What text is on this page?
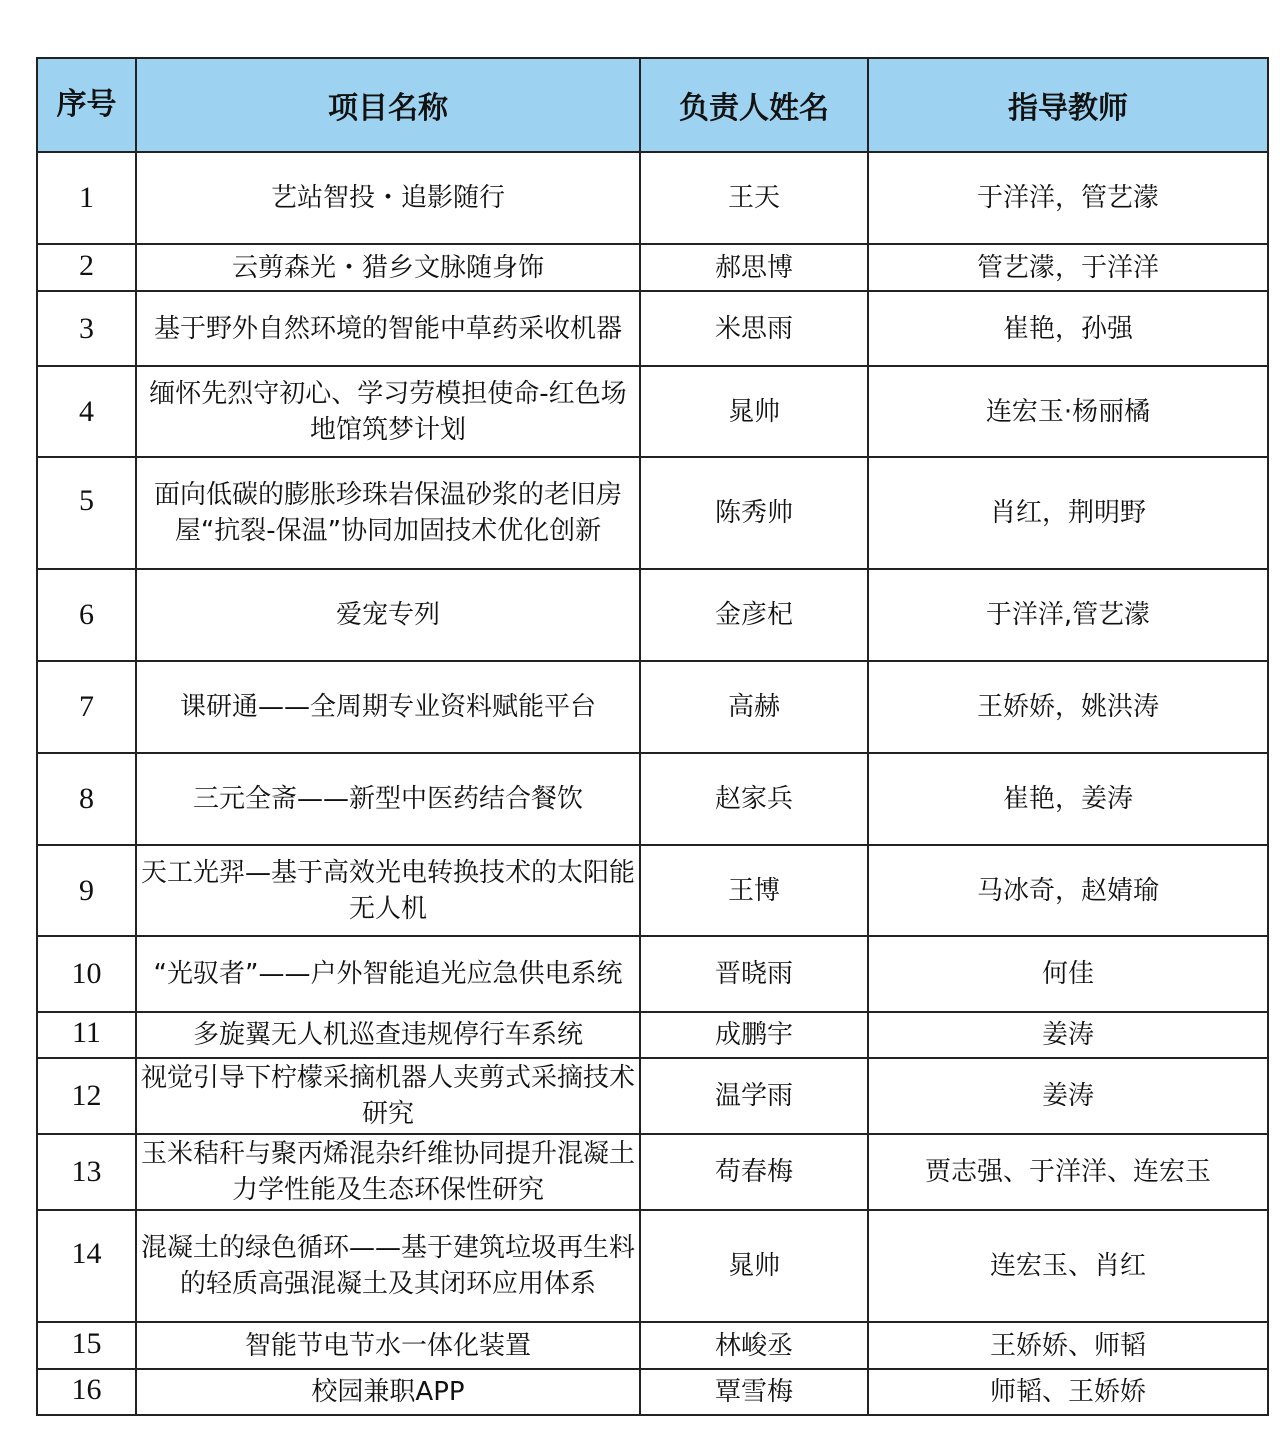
序号	项目名称	负责人姓名	指导教师
1	艺站智投・追影随行	王天	于洋洋，管艺濛
2	云剪森光・猎乡文脉随身饰	郝思博	管艺濛，于洋洋
3	基于野外自然环境的智能中草药采收机器	米思雨	崔艳，孙强
4	缅怀先烈守初心、学习劳模担使命-红色场地馆筑梦计划	晁帅	连宏玉·杨丽橘
5	面向低碳的膨胀珍珠岩保温砂浆的老旧房屋“抗裂-保温”协同加固技术优化创新	陈秀帅	肖红，荆明野
6	爱宠专列	金彦杞	于洋洋,管艺濛
7	课研通——全周期专业资料赋能平台	高赫	王娇娇，姚洪涛
8	三元全斋——新型中医药结合餐饮	赵家兵	崔艳，姜涛
9	天工光羿—基于高效光电转换技术的太阳能无人机	王博	马冰奇，赵婧瑜
10	“光驭者”——户外智能追光应急供电系统	晋晓雨	何佳
11	多旋翼无人机巡查违规停行车系统	成鹏宇	姜涛
12	视觉引导下柠檬采摘机器人夹剪式采摘技术研究	温学雨	姜涛
13	玉米秸秆与聚丙烯混杂纤维协同提升混凝土力学性能及生态环保性研究	苟春梅	贾志强、于洋洋、连宏玉
14	混凝土的绿色循环——基于建筑垃圾再生料的轻质高强混凝土及其闭环应用体系	晁帅	连宏玉、肖红
15	智能节电节水一体化装置	林峻丞	王娇娇、师韬
16	校园兼职APP	覃雪梅	师韬、王娇娇
